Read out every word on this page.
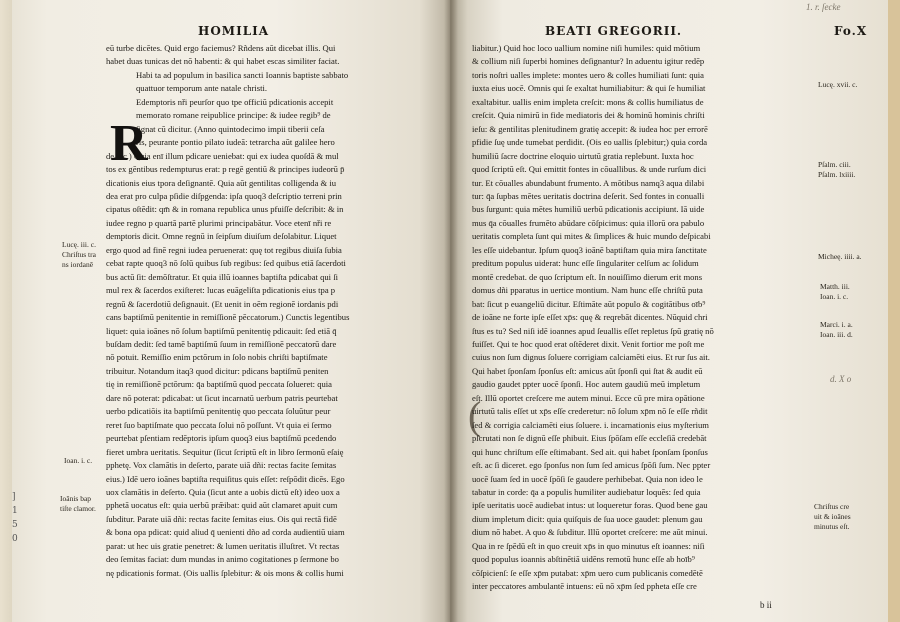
HOMILIA
eū turbe dicētes. Quid ergo faciemus? Rñdens aūt dicebat illis. Qui
habet duas tunicas det nō habenti: & qui habet escas similiter faciat.
Habi ta ad populum in basilica sancti Ioannis baptiste sabbato
quattuor temporum ante natale christi.
Edemptoris nři peurſor quo tpe officiū pdicationis accepit
memorato romane reipublice principe: & iudee regib⁹ de
ſignat cū dicitur. (Anno quintodecimo impii tiberii ceſa
ris, peurante pontio pilato iudeā: tetrarcha aūt galilee hero
de &c.) Quia enī illum pdicare ueniebat: qui ex iudea quoſdā & mul
tos ex gēntibus redempturus erat: p regē gentiū & principes iudeorū p̄
dicationis eius tpora deſignantē. Quia aūt gentilitas colligenda & iu
dea erat pro culpa pſidie diſpgenda: ipſa quoq3 deſcriptio terreni prin
cipatus oſtēdit: qm̄ & in romana republica unus pfuiſſe deſcribit: & in
iudee regno p quartā partē plurimi principabātur. Voce etenī nři re
demptoris dicit. Omne regnū in ſeipſum diuiſum deſolabitur. Liquet
ergo quod ad finē regni iudea peruenerat: quę tot regibus diuiſa ſubia
cebat rapte quoq3 nō ſolū quibus ſub regibus: ſed quibus etiā ſacerdoti
bus actū ſit: demōſtratur. Et quia illū ioannes baptiſta pdicabat qui ſi
mul rex & ſacerdos exiſteret: lucas euāgeliſta pdicationis eius tpa p
regnū & ſacerdotiū deſignauit. (Et uenit in oēm regionē iordanis pdi
cans baptiſmū penitentie in remiſſionē pēccatorum.) Cunctis legentibus
liquet: quia ioānes nō ſolum baptiſmū penitentię pdicauit: ſed etiā q̄
buſdam dedit: ſed tamē baptiſmū ſuum in remiſſionē peccatorū dare
nō potuit. Remiſſio enim pctōrum in ſolo nobis chriſti baptiſmate
tribuitur. Notandum itaq3 quod dicitur: pdicans baptiſmū peniten
tię in remiſſionē pctōrum: q̄a baptiſmū quod peccata ſolueret: quia
dare nō poterat: pdicabat: ut ſicut incarnatū uerbum patris peurtebat
uerbo pdicatiōis ita baptiſmū penitentię quo peccata ſoluūtur peur
reret ſuo baptiſmate quo peccata ſolui nō poſſunt. Vt quia ei ſermo
peurtebat pſentiam redēptoris ipſum quoq3 eius baptiſmū pcedendo
fieret umbra ueritatis. Sequitur (ſicut ſcriptū eſt in libro ſermonū eſaię
pphetę. Vox clamātis in deſerto, parate uiā dñi: rectas facite ſemitas
eius.) Idē uero ioānes baptiſta requiſitus quis eſſet: reſpōdit dicēs. Ego
uox clamātis in deſerto. Quia (ſicut ante a uobis dictū eſt) ideo uox a
pphetā uocatus eſt: quia uerbū prǣibat: quid aūt clamaret apuit cum
ſubditur. Parate uiā dñi: rectas facite ſemitas eius. Ois qui rectā fidē
& bona opa pdicat: quid aliud q̄ uenienti dño ad corda audientiū uiam
parat: ut hec uis gratie penetret: & lumen ueritatis illuſtret. Vt rectas
deo ſemitas faciat: dum mundas in animo cogitationes p ſermone bo
nę pdicationis format. (Ois uallis ſplebitur: & ois mons & collis humi
R
Lucę. iii. c.
Chriſtus tra
ns iordanē
Ioan. i. c.
Ioānis bap
tiſte clamor.
]
1
5
0
BEATI GREGORII.	Fo.X
1. r. ſecke
d. X o
(
liabitur.) Quid hoc loco uallium nomine niſi humiles: quid mōtium
& collium niſi ſuperbi homines deſignantur? In aduentu igitur redēp
toris noſtri ualles implete: montes uero & colles humiliati ſunt: quia
iuxta eius uocē. Omnis qui ſe exaltat humiliabitur: & qui ſe humiliat
exaltabitur. uallis enim impleta creſcit: mons & collis humiliatus de
creſcit. Quia nimirū in fide mediatoris dei & hominū hominis chriſti
ieſu: & gentilitas plenitudinem gratię accepit: & iudea hoc per errorē
pfidie ſuę unde tumebat perdidit. (Ois eo uallis ſplebitur;) quia corda
humiliū ſacre doctrine eloquio uirtutū gratia replebunt. Iuxta hoc
quod ſcriptū eſt. Qui emittit fontes in cōuallibus. & unde rurſum dici
tur. Et cōualles abundabunt frumento. A mōtibus namq3 aqua dilabi
tur: q̄a ſupbas mētes ueritatis doctrina deſerit. Sed fontes in conualli
bus ſurgunt: quia mētes humiliū uerbū pdicationis accipiunt. Iā uide
mus q̄a cōualles frumēto abūdare cōſpicimus: quia illorū ora pabulo
ueritatis completa ſunt qui mites & ſimplices & huic mundo deſpicabi
les eſſe uidebantur. Ipſum quoq3 ioānē baptiſtam quia mira ſanctitate
preditum populus uiderat: hunc eſſe ſingulariter celſum ac ſolidum
montē credebat. de quo ſcriptum eſt. In nouiſſimo dierum erit mons
domus dñi pparatus in uertice montium. Nam hunc eſſe chriſtū puta
bat: ſicut p euangeliū dicitur. Eſtimāte aūt populo & cogitātibus oīb⁹
de ioāne ne forte ipſe eſſet xp̄s: quę & reqrebāt dicentes. Nūquid chri
ſtus es tu? Sed niſi idē ioannes apud ſeuallis eſſet repletus ſpū gratię nō
fuiſſet. Qui te hoc quod erat oſtēderet dixit. Venit fortior me poſt me
cuius non ſum dignus ſoluere corrigiam calciamēti eius. Et rur ſus ait.
Qui habet ſponſam ſponſus eſt: amicus aūt ſponſi qui ſtat & audit eū
gaudio gaudet ppter uocē ſponſi. Hoc autem gaudiū meū impletum
eſt. Illū oportet creſcere me autem minui. Ecce cū pre mira opātione
uirtutū talis eſſet ut xp̄s eſſe crederetur: nō ſolum xp̄m nō ſe eſſe rñdit
ſed & corrigia calciamēti eius ſoluere. i. incarnationis eius myſterium
pſcrutati non ſe dignū eſſe phibuit. Eius ſpōſam eſſe eccleſiā credebāt
qui hunc chriſtum eſſe eſtimabant. Sed ait. qui habet ſponſam ſponſus
eſt. ac ſi diceret. ego ſponſus non ſum ſed amicus ſpōſi ſum. Nec ppter
uocē ſuam ſed in uocē ſpōſi ſe gaudere perhibebat. Quia non ideo le
tabatur in corde: q̄a a populis humiliter audiebatur loquēs: ſed quia
ipſe ueritatis uocē audiebat intus: ut loqueretur foras. Quod bene gau
dium impletum dicit: quia quiſquis de ſua uoce gaudet: plenum gau
dium nō habet. A quo & ſubditur. Illū oportet creſcere: me aūt minui.
Qua in re ſpēdū eſt in quo creuit xp̄s in quo minutus eſt ioannes: niſi
quod populus ioannis abſtinētiā uidēns remotū hunc eſſe ab hoīb⁹
cōſpicienſ: ſe eſſe xp̄m putabat: xp̄m uero cum publicanis comedētē
inter peccatores ambulantē intuens: eū nō xp̄m ſed ppheta eſſe cre
Lucę. xvii. c.
Pſalm. ciii.
Pſalm. lxiiii.
Micheę. iiii. a.
Matth. iii.
Ioan. i. c.
Marci. i. a.
Ioan. iii. d.
Chriſtus cre
uit & ioānes
minutus eſt.
b ii
